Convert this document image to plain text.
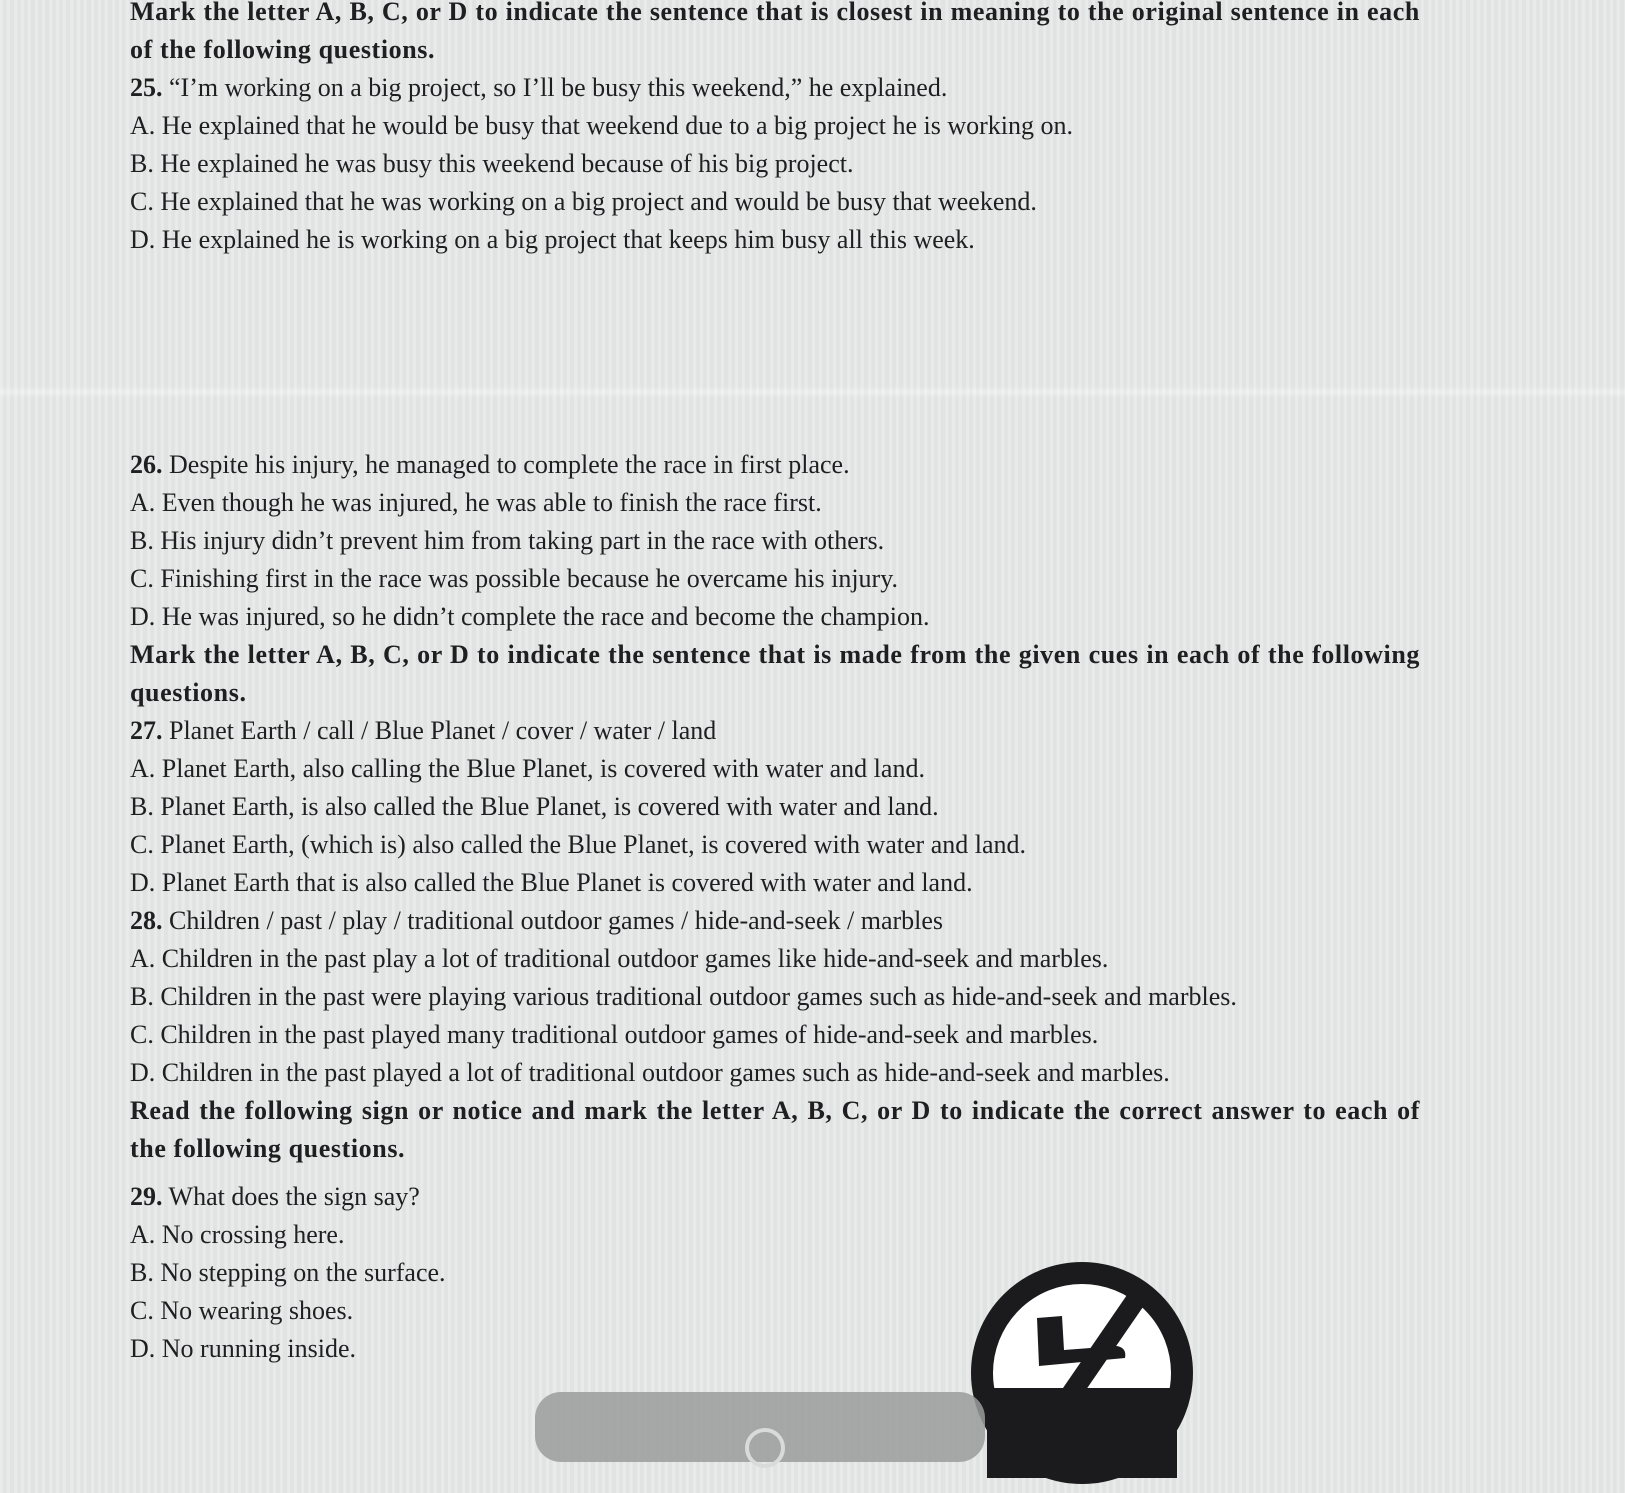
Mark the letter A, B, C, or D to indicate the sentence that is closest in meaning to the original sentence in each of the following questions.
25. “I’m working on a big project, so I’ll be busy this weekend,” he explained.
A. He explained that he would be busy that weekend due to a big project he is working on.
B. He explained he was busy this weekend because of his big project.
C. He explained that he was working on a big project and would be busy that weekend.
D. He explained he is working on a big project that keeps him busy all this week.
26. Despite his injury, he managed to complete the race in first place.
A. Even though he was injured, he was able to finish the race first.
B. His injury didn’t prevent him from taking part in the race with others.
C. Finishing first in the race was possible because he overcame his injury.
D. He was injured, so he didn’t complete the race and become the champion.
Mark the letter A, B, C, or D to indicate the sentence that is made from the given cues in each of the following questions.
27. Planet Earth / call / Blue Planet / cover / water / land
A. Planet Earth, also calling the Blue Planet, is covered with water and land.
B. Planet Earth, is also called the Blue Planet, is covered with water and land.
C. Planet Earth, (which is) also called the Blue Planet, is covered with water and land.
D. Planet Earth that is also called the Blue Planet is covered with water and land.
28. Children / past / play / traditional outdoor games / hide-and-seek / marbles
A. Children in the past play a lot of traditional outdoor games like hide-and-seek and marbles.
B. Children in the past were playing various traditional outdoor games such as hide-and-seek and marbles.
C. Children in the past played many traditional outdoor games of hide-and-seek and marbles.
D. Children in the past played a lot of traditional outdoor games such as hide-and-seek and marbles.
Read the following sign or notice and mark the letter A, B, C, or D to indicate the correct answer to each of the following questions.
29. What does the sign say?
A. No crossing here.
B. No stepping on the surface.
C. No wearing shoes.
D. No running inside.
